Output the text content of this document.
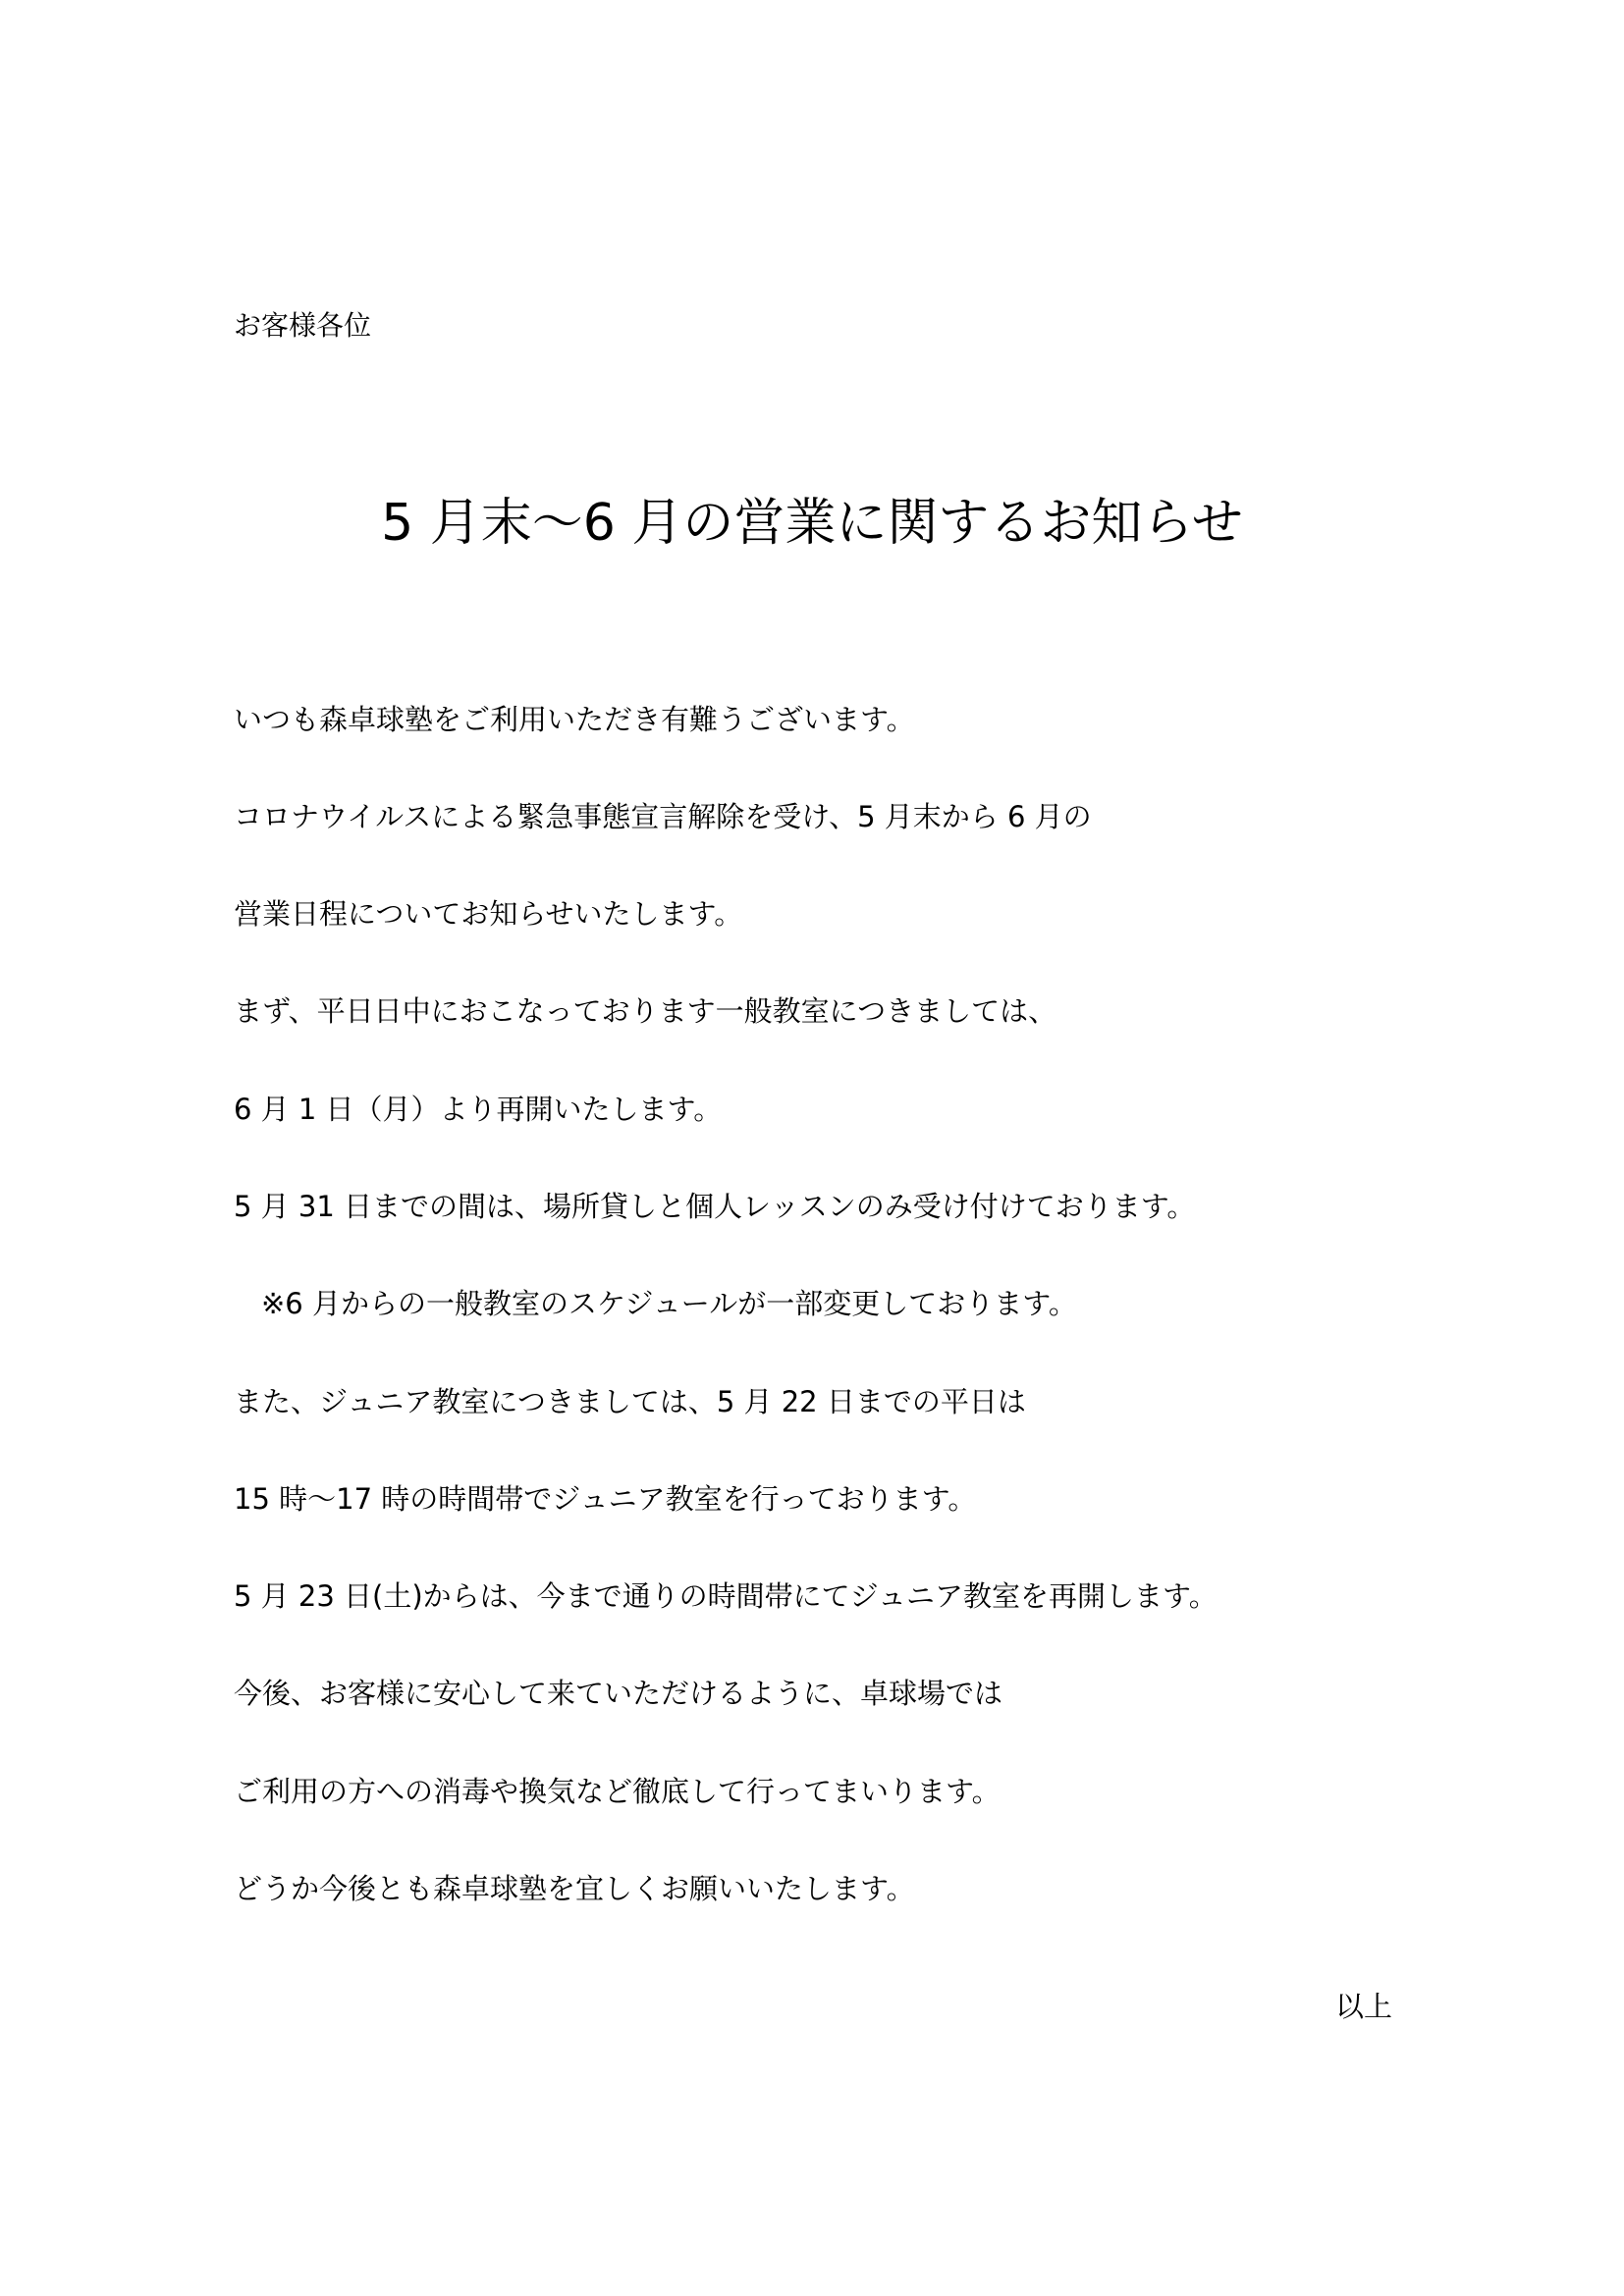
お客様各位
5 月末～6 月の営業に関するお知らせ
いつも森卓球塾をご利用いただき有難うございます。
コロナウイルスによる緊急事態宣言解除を受け、5 月末から 6 月の
営業日程についてお知らせいたします。
まず、平日日中におこなっております一般教室につきましては、
6 月 1 日（月）より再開いたします。
5 月 31 日までの間は、場所貸しと個人レッスンのみ受け付けております。
※6 月からの一般教室のスケジュールが一部変更しております。
また、ジュニア教室につきましては、5 月 22 日までの平日は
15 時～17 時の時間帯でジュニア教室を行っております。
5 月 23 日(土)からは、今まで通りの時間帯にてジュニア教室を再開します。
今後、お客様に安心して来ていただけるように、卓球場では
ご利用の方への消毒や換気など徹底して行ってまいります。
どうか今後とも森卓球塾を宜しくお願いいたします。
以上
